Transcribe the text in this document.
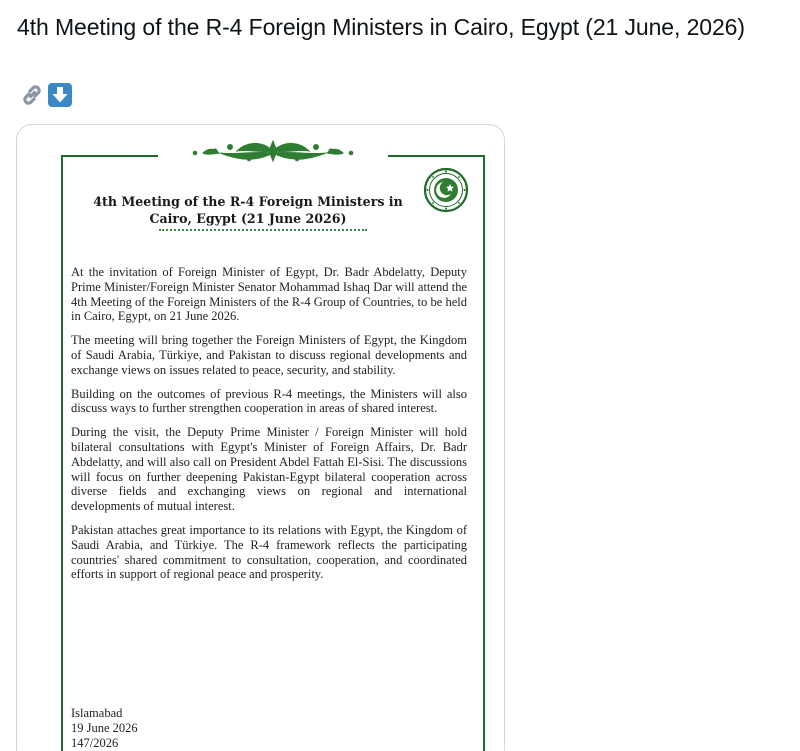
4th Meeting of the R-4 Foreign Ministers in Cairo, Egypt (21 June, 2026)
4th Meeting of the R-4 Foreign Ministers in
Cairo, Egypt (21 June 2026)

At the invitation of Foreign Minister of Egypt, Dr. Badr Abdelatty, Deputy Prime Minister/Foreign Minister Senator Mohammad Ishaq Dar will attend the 4th Meeting of the Foreign Ministers of the R-4 Group of Countries, to be held in Cairo, Egypt, on 21 June 2026.

The meeting will bring together the Foreign Ministers of Egypt, the Kingdom of Saudi Arabia, Türkiye, and Pakistan to discuss regional developments and exchange views on issues related to peace, security, and stability.

Building on the outcomes of previous R-4 meetings, the Ministers will also discuss ways to further strengthen cooperation in areas of shared interest.

During the visit, the Deputy Prime Minister / Foreign Minister will hold bilateral consultations with Egypt's Minister of Foreign Affairs, Dr. Badr Abdelatty, and will also call on President Abdel Fattah El-Sisi. The discussions will focus on further deepening Pakistan-Egypt bilateral cooperation across diverse fields and exchanging views on regional and international developments of mutual interest.

Pakistan attaches great importance to its relations with Egypt, the Kingdom of Saudi Arabia, and Türkiye. The R-4 framework reflects the participating countries' shared commitment to consultation, cooperation, and coordinated efforts in support of regional peace and prosperity.

Islamabad
19 June 2026
147/2026
